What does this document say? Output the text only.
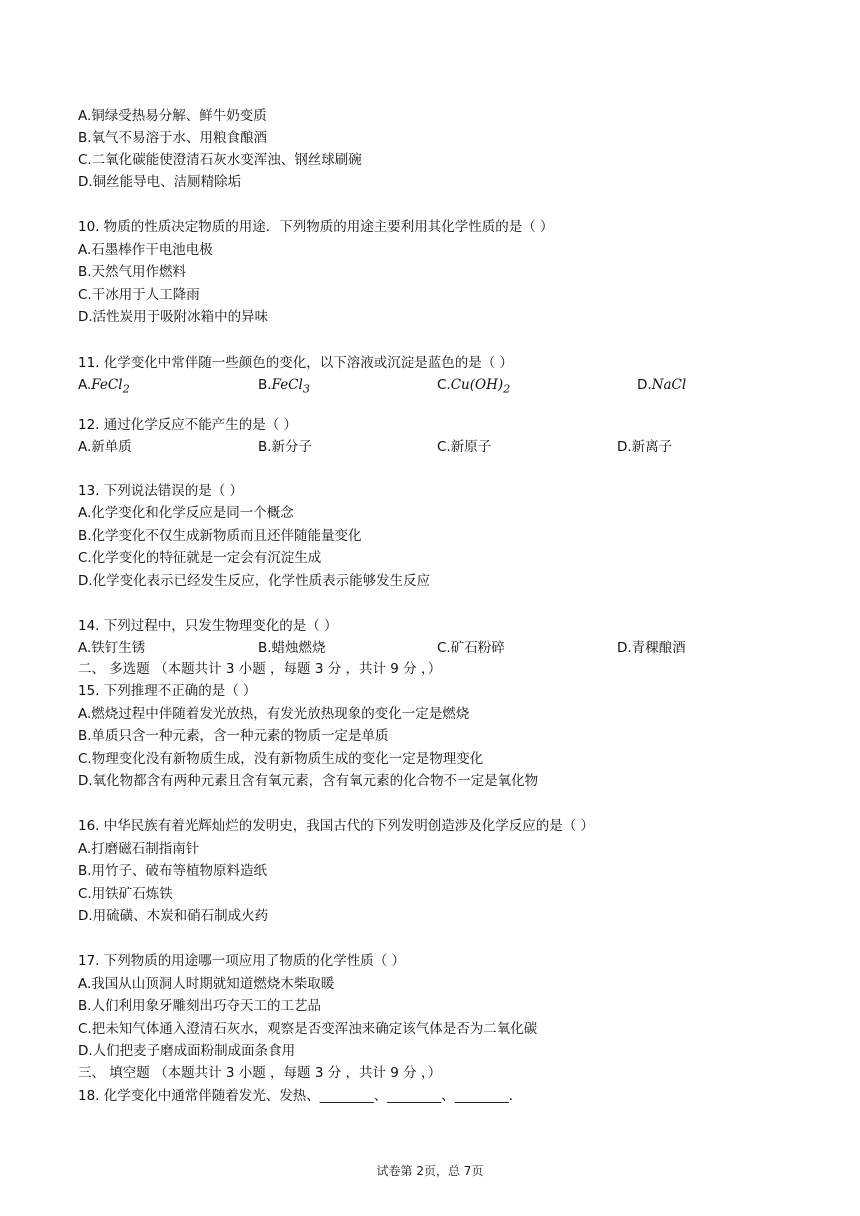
A.铜绿受热易分解、鲜牛奶变质
B.氧气不易溶于水、用粮食酿酒
C.二氧化碳能使澄清石灰水变浑浊、钢丝球刷碗
D.铜丝能导电、洁厕精除垢
10. 物质的性质决定物质的用途．下列物质的用途主要利用其化学性质的是（ ）
A.石墨棒作干电池电极
B.天然气用作燃料
C.干冰用于人工降雨
D.活性炭用于吸附冰箱中的异味
11. 化学变化中常伴随一些颜色的变化，以下溶液或沉淀是蓝色的是（ ）
A.FeCl$_2$	B.FeCl$_3$	$C.Cu(OH)_2$	D.NaCl
12. 通过化学反应不能产生的是（ ）
A.新单质	B.新分子	C.新原子	D.新离子
13. 下列说法错误的是（ ）
A.化学变化和化学反应是同一个概念
B.化学变化不仅生成新物质而且还伴随能量变化
C.化学变化的特征就是一定会有沉淀生成
D.化学变化表示已经发生反应，化学性质表示能够发生反应
14. 下列过程中，只发生物理变化的是（ ）
A.铁钉生锈	B.蜡烛燃烧	C.矿石粉碎	D.青稞酿酒
二、 多选题 （本题共计 3 小题 ，每题 3 分 ，共计 9 分 ，）
15. 下列推理不正确的是（ ）
A.燃烧过程中伴随着发光放热，有发光放热现象的变化一定是燃烧
B.单质只含一种元素，含一种元素的物质一定是单质
C.物理变化没有新物质生成，没有新物质生成的变化一定是物理变化
D.氧化物都含有两种元素且含有氧元素，含有氧元素的化合物不一定是氧化物
16. 中华民族有着光辉灿烂的发明史，我国古代的下列发明创造涉及化学反应的是（ ）
A.打磨磁石制指南针
B.用竹子、破布等植物原料造纸
C.用铁矿石炼铁
D.用硫磺、木炭和硝石制成火药
17. 下列物质的用途哪一项应用了物质的化学性质（ ）
A.我国从山顶洞人时期就知道燃烧木柴取暖
B.人们利用象牙雕刻出巧夺天工的工艺品
C.把未知气体通入澄清石灰水，观察是否变浑浊来确定该气体是否为二氧化碳
D.人们把麦子磨成面粉制成面条食用
三、 填空题 （本题共计 3 小题 ，每题 3 分 ，共计 9 分 ，）
18. 化学变化中通常伴随着发光、发热、________、________、________.
试卷第 2页，总 7页
